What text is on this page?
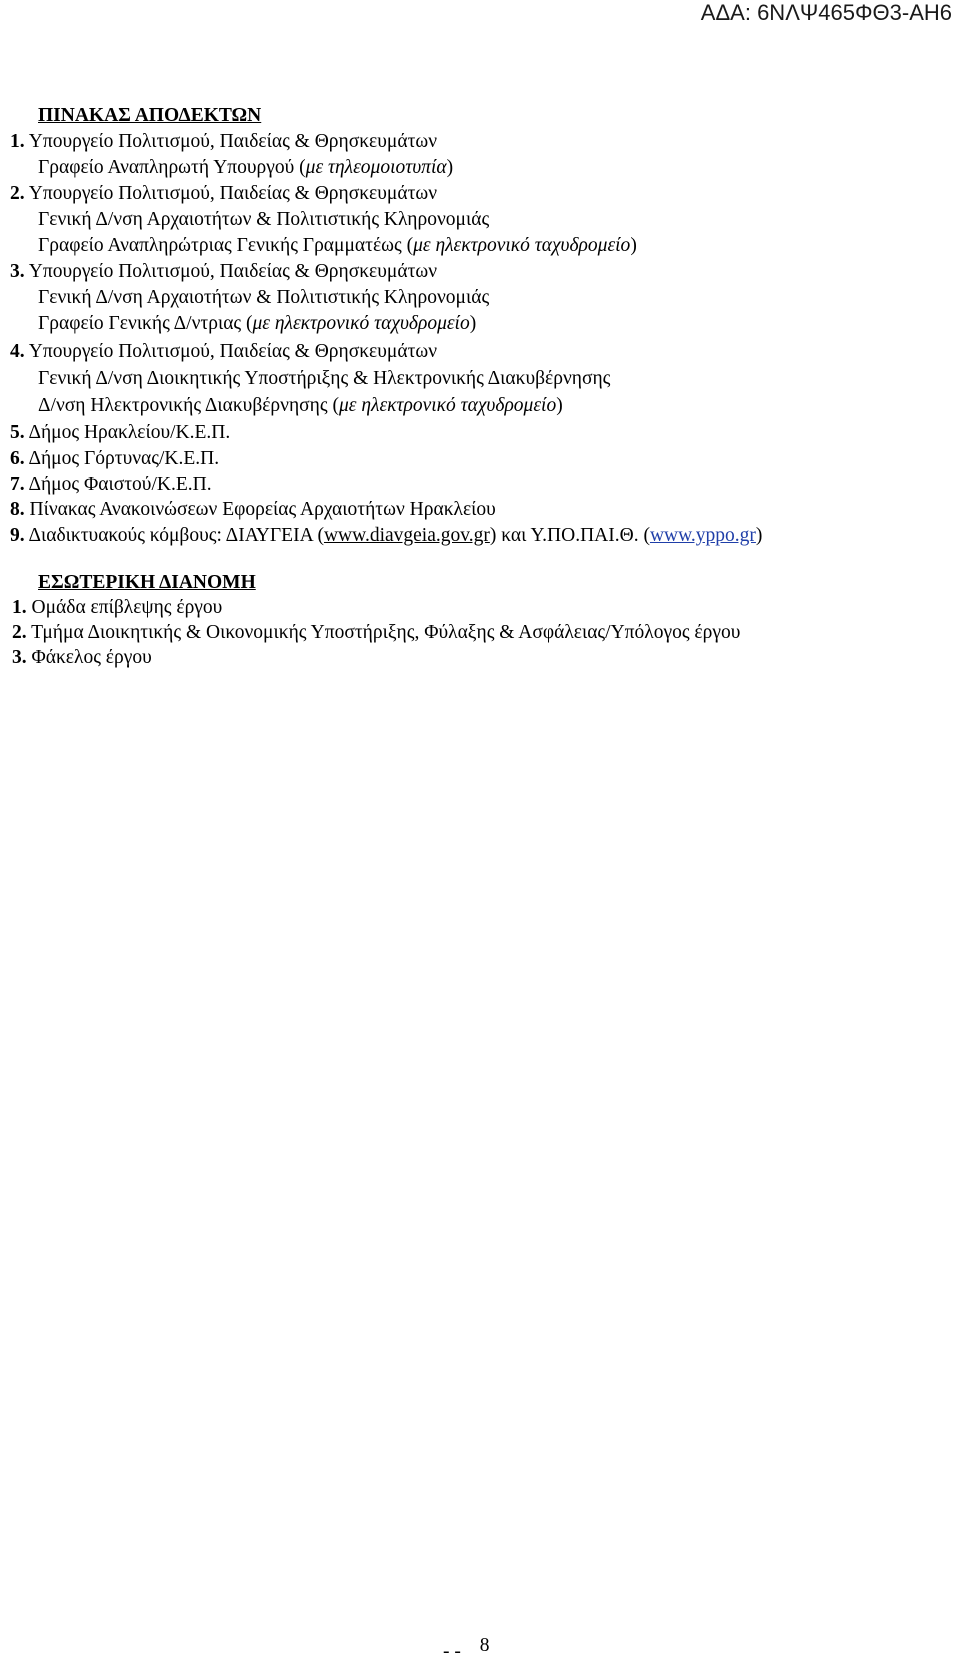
ΑΔΑ: 6ΝΛΨ465ΦΘ3-ΑΗ6
ΠΙΝΑΚΑΣ ΑΠΟΔΕΚΤΩΝ
1. Υπουργείο Πολιτισμού, Παιδείας & Θρησκευμάτων
Γραφείο Αναπληρωτή Υπουργού (με τηλεομοιοτυπία)
2. Υπουργείο Πολιτισμού, Παιδείας & Θρησκευμάτων
Γενική Δ/νση Αρχαιοτήτων & Πολιτιστικής Κληρονομιάς
Γραφείο Αναπληρώτριας Γενικής Γραμματέως (με ηλεκτρονικό ταχυδρομείο)
3. Υπουργείο Πολιτισμού, Παιδείας & Θρησκευμάτων
Γενική Δ/νση Αρχαιοτήτων & Πολιτιστικής Κληρονομιάς
Γραφείο Γενικής Δ/ντριας (με ηλεκτρονικό ταχυδρομείο)
4. Υπουργείο Πολιτισμού, Παιδείας & Θρησκευμάτων
Γενική Δ/νση Διοικητικής Υποστήριξης & Ηλεκτρονικής Διακυβέρνησης
Δ/νση Ηλεκτρονικής Διακυβέρνησης (με ηλεκτρονικό ταχυδρομείο)
5. Δήμος Ηρακλείου/Κ.Ε.Π.
6. Δήμος Γόρτυνας/Κ.Ε.Π.
7. Δήμος Φαιστού/Κ.Ε.Π.
8. Πίνακας Ανακοινώσεων Εφορείας Αρχαιοτήτων Ηρακλείου
9. Διαδικτυακούς κόμβους: ΔΙΑΥΓΕΙΑ (www.diavgeia.gov.gr) και Υ.ΠΟ.ΠΑΙ.Θ. (www.yppo.gr)
ΕΣΩΤΕΡΙΚΗ ΔΙΑΝΟΜΗ
1. Ομάδα επίβλεψης έργου
2. Τμήμα Διοικητικής & Οικονομικής Υποστήριξης, Φύλαξης & Ασφάλειας/Υπόλογος έργου
3. Φάκελος έργου
- - 8
